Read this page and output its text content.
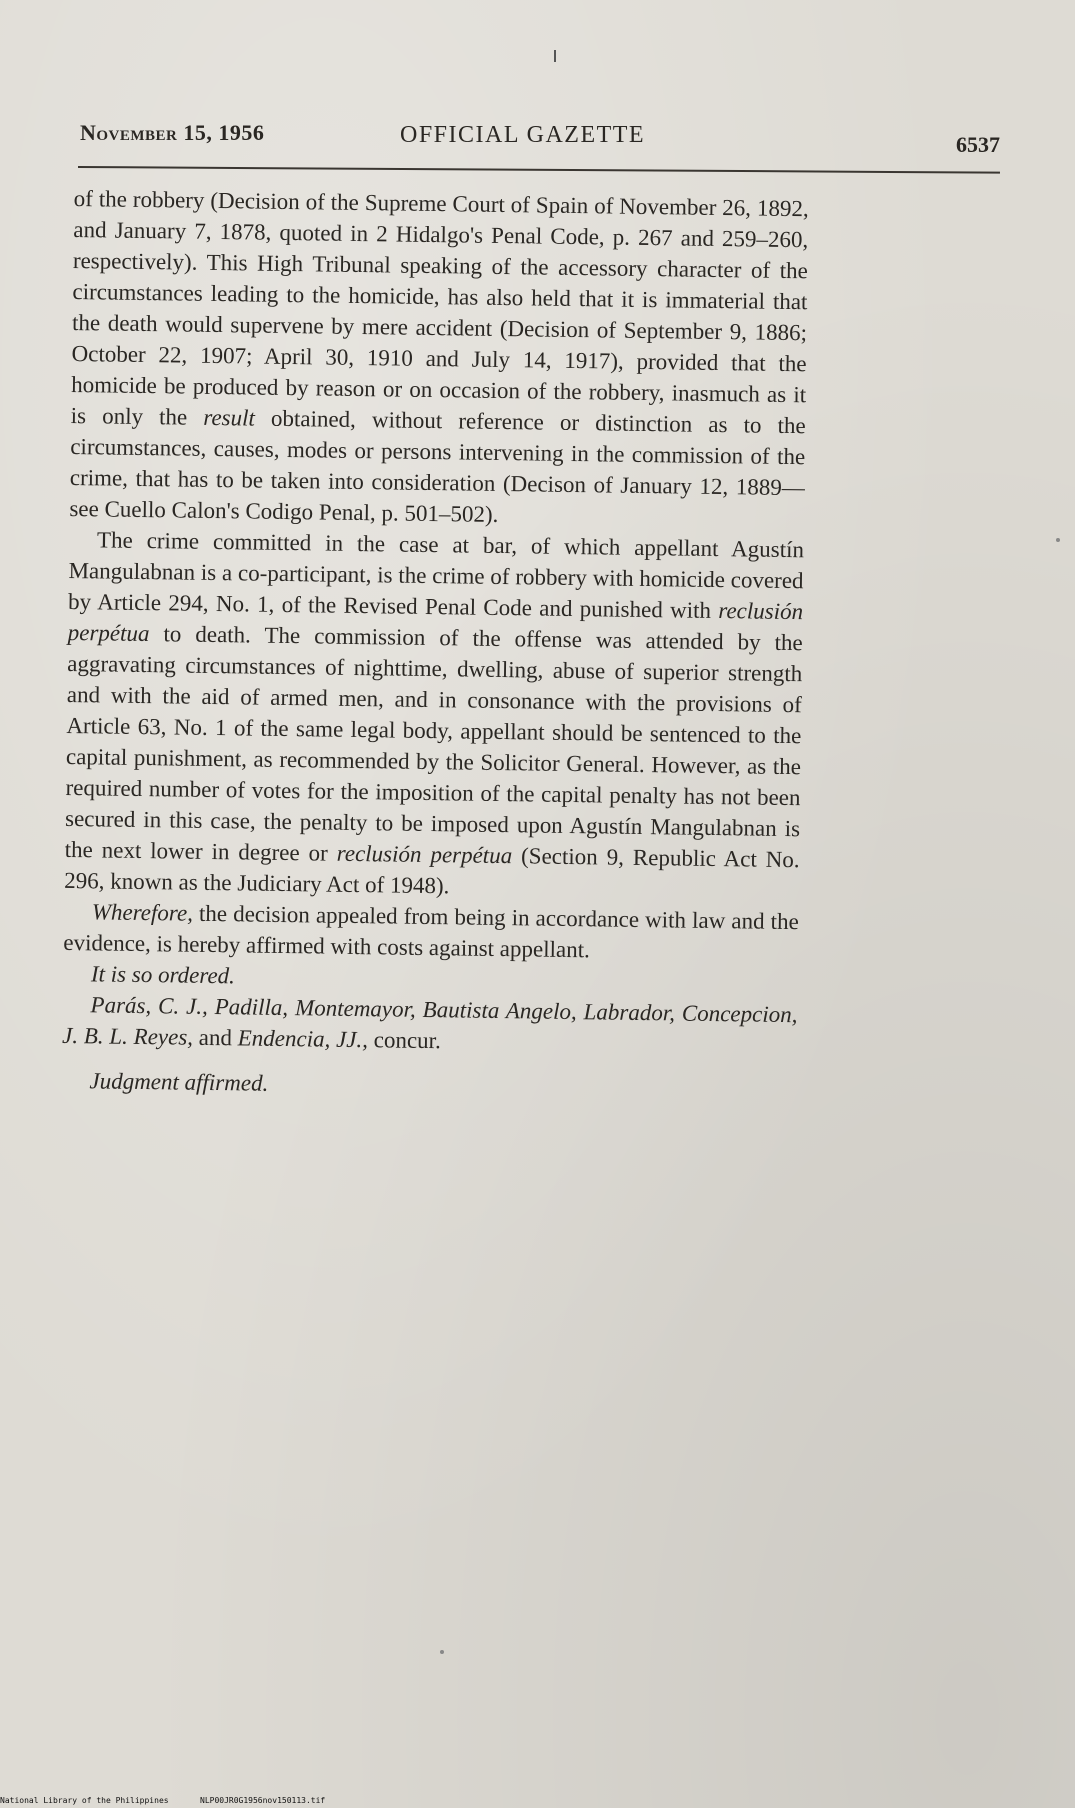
November 15, 1956	OFFICIAL GAZETTE	6537

of the robbery (Decision of the Supreme Court of Spain of November 26, 1892, and January 7, 1878, quoted in 2 Hidalgo's Penal Code, p. 267 and 259–260, respectively). This High Tribunal speaking of the accessory character of the circumstances leading to the homicide, has also held that it is immaterial that the death would supervene by mere accident (Decision of September 9, 1886; October 22, 1907; April 30, 1910 and July 14, 1917), provided that the homicide be produced by reason or on occasion of the robbery, inasmuch as it is only the result obtained, without reference or distinction as to the circumstances, causes, modes or persons intervening in the commission of the crime, that has to be taken into consideration (Decison of January 12, 1889—see Cuello Calon's Codigo Penal, p. 501–502).

The crime committed in the case at bar, of which appellant Agustín Mangulabnan is a co-participant, is the crime of robbery with homicide covered by Article 294, No. 1, of the Revised Penal Code and punished with reclusión perpétua to death. The commission of the offense was attended by the aggravating circumstances of nighttime, dwelling, abuse of superior strength and with the aid of armed men, and in consonance with the provisions of Article 63, No. 1 of the same legal body, appellant should be sentenced to the capital punishment, as recommended by the Solicitor General. However, as the required number of votes for the imposition of the capital penalty has not been secured in this case, the penalty to be imposed upon Agustín Mangulabnan is the next lower in degree or reclusión perpétua (Section 9, Republic Act No. 296, known as the Judiciary Act of 1948).

Wherefore, the decision appealed from being in accordance with law and the evidence, is hereby affirmed with costs against appellant.

It is so ordered.

Parás, C. J., Padilla, Montemayor, Bautista Angelo, Labrador, Concepcion, J. B. L. Reyes, and Endencia, JJ., concur.

Judgment affirmed.

National Library of the Philippines	NLP00JR0G1956nov150113.tif
